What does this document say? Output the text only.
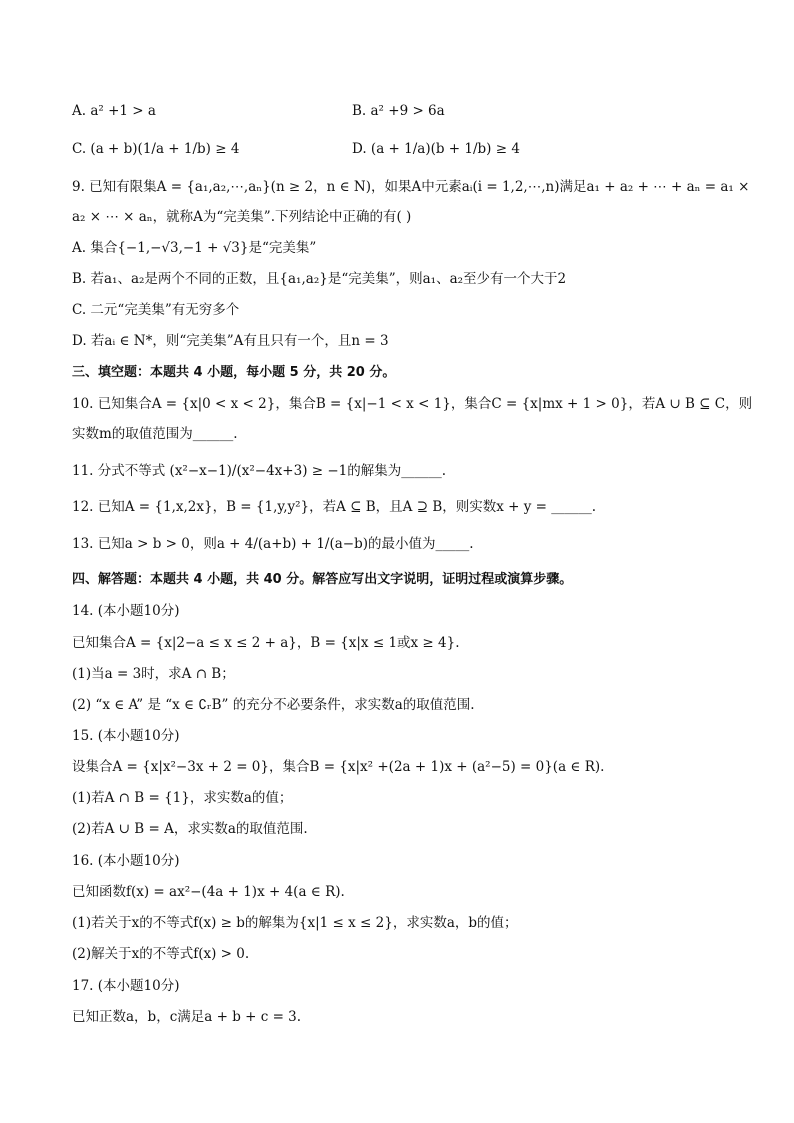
A. a² +1 > a	B. a² +9 > 6a
C. (a + b)(1/a + 1/b) ≥ 4	D. (a + 1/a)(b + 1/b) ≥ 4
9. 已知有限集A = {a₁,a₂,⋯,aₙ}(n ≥ 2，n ∈ N)，如果A中元素aᵢ(i = 1,2,⋯,n)满足a₁ + a₂ + ⋯ + aₙ = a₁ ×
a₂ × ⋯ × aₙ，就称A为“完美集”.下列结论中正确的有( )
A. 集合{−1,−√3,−1 + √3}是“完美集”
B. 若a₁、a₂是两个不同的正数，且{a₁,a₂}是“完美集”，则a₁、a₂至少有一个大于2
C. 二元“完美集”有无穷多个
D. 若aᵢ ∈ N*，则“完美集”A有且只有一个，且n = 3
三、填空题：本题共 4 小题，每小题 5 分，共 20 分。
10. 已知集合A = {x|0 < x < 2}，集合B = {x|−1 < x < 1}，集合C = {x|mx + 1 > 0}，若A ∪ B ⊆ C，则
实数m的取值范围为______.
11. 分式不等式 (x²−x−1)/(x²−4x+3) ≥ −1的解集为______.
12. 已知A = {1,x,2x}，B = {1,y,y²}，若A ⊆ B，且A ⊇ B，则实数x + y = ______.
13. 已知a > b > 0，则a + 4/(a+b) + 1/(a−b)的最小值为_____.
四、解答题：本题共 4 小题，共 40 分。解答应写出文字说明，证明过程或演算步骤。
14. (本小题10分)
已知集合A = {x|2−a ≤ x ≤ 2 + a}，B = {x|x ≤ 1或x ≥ 4}.
(1)当a = 3时，求A ∩ B；
(2) “x ∈ A” 是 “x ∈ ∁ᵣB” 的充分不必要条件，求实数a的取值范围.
15. (本小题10分)
设集合A = {x|x²−3x + 2 = 0}，集合B = {x|x² +(2a + 1)x + (a²−5) = 0}(a ∈ R).
(1)若A ∩ B = {1}，求实数a的值；
(2)若A ∪ B = A，求实数a的取值范围.
16. (本小题10分)
已知函数f(x) = ax²−(4a + 1)x + 4(a ∈ R).
(1)若关于x的不等式f(x) ≥ b的解集为{x|1 ≤ x ≤ 2}，求实数a，b的值；
(2)解关于x的不等式f(x) > 0.
17. (本小题10分)
已知正数a，b，c满足a + b + c = 3.
